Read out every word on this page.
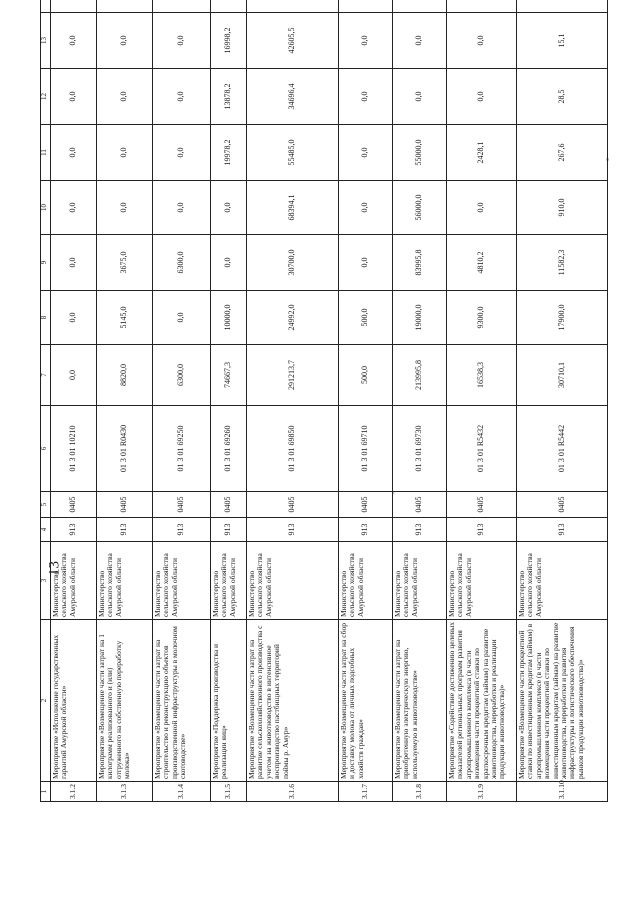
13
ʳ
1	2	3	4	5	6	7	8	9	10	11	12	13	
3.1.2	Мероприятие «Исполнение государственных гарантий Амурской области»	Министерство сельского хозяйства Амурской области	913	0405	01 3 01 10210	0,0	0,0	0,0	0,0	0,0	0,0	0,0	
3.1.3	Мероприятие «Возмещение части затрат на 1 килограмм реализованного и (или) отгруженного на собственную переработку молока»	Министерство сельского хозяйства Амурской области	913	0405	01 3 01 R0430	8820,0	5145,0	3675,0	0,0	0,0	0,0	0,0	
3.1.4	Мероприятие «Возмещение части затрат на строительство и реконструкцию объектов производственной инфраструктуры в молочном скотоводстве»	Министерство сельского хозяйства Амурской области	913	0405	01 3 01 69250	6300,0	0,0	6300,0	0,0	0,0	0,0	0,0	
3.1.5	Мероприятие «Поддержка производства и реализации яиц»	Министерство сельского хозяйства Амурской области	913	0405	01 3 01 69260	74667,3	10000,0	0,0	0,0	19978,2	13878,2	16998,2	
3.1.6	Мероприятие «Возмещение части затрат на развитие сельскохозяйственного производства с учетом на животноводство в интенсивное воспроизводство пастбищных территорий поймы р. Амур»	Министерство сельского хозяйства Амурской области	913	0405	01 3 01 69850	291213,7	24992,0	30700,0	68394,1	55485,0	34696,4	42605,5	
3.1.7	Мероприятие «Возмещение части затрат на сбор и доставку молока от личных подсобных хозяйств граждан»	Министерство сельского хозяйства Амурской области	913	0405	01 3 01 69710	500,0	500,0	0,0	0,0	0,0	0,0	0,0	
3.1.8	Мероприятие «Возмещение части затрат на приобретенную электрическую энергию, используемую в животноводстве»	Министерство сельского хозяйства Амурской области	913	0405	01 3 01 69730	213995,8	19000,0	83995,8	56000,0	55000,0	0,0	0,0	
3.1.9	Мероприятие «Содействие достижению целевых показателей региональных программ развития агропромышленного комплекса (в части возмещения части процентной ставки по краткосрочным кредитам (займам) на развитие животноводства, переработки и реализации продукции животноводства)»	Министерство сельского хозяйства Амурской области	913	0405	01 3 01 R5432	16538,3	9300,0	4810,2	0,0	2428,1	0,0	0,0	
3.1.10	Мероприятие «Возмещение части процентной ставки по инвестиционным кредитам (займам) в агропромышленном комплексе (в части возмещения части процентной ставки по инвестиционным кредитам (займам) на развитие животноводства, переработки и развития инфраструктуры и логистического обеспечения рынков продукции животноводства)»	Министерство сельского хозяйства Амурской области	913	0405	01 3 01 R5442	30710,1	17900,0	11582,3	910,0	267,6	28,5	15,1	
